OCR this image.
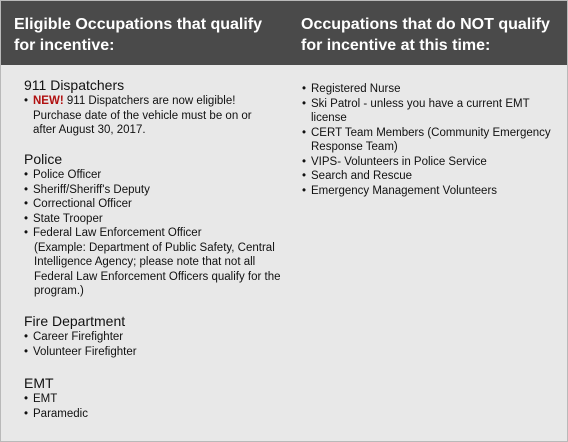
Eligible Occupations that qualify for incentive:
Occupations that do NOT qualify for incentive at this time:
911 Dispatchers
• NEW! 911 Dispatchers are now eligible! Purchase date of the vehicle must be on or after August 30, 2017.
Police
• Police Officer
• Sheriff/Sheriff's Deputy
• Correctional Officer
• State Trooper
• Federal Law Enforcement Officer
(Example: Department of Public Safety, Central Intelligence Agency; please note that not all Federal Law Enforcement Officers qualify for the program.)
Fire Department
• Career Firefighter
• Volunteer Firefighter
EMT
• EMT
• Paramedic
• Registered Nurse
• Ski Patrol - unless you have a current EMT license
• CERT Team Members (Community Emergency Response Team)
• VIPS- Volunteers in Police Service
• Search and Rescue
• Emergency Management Volunteers
